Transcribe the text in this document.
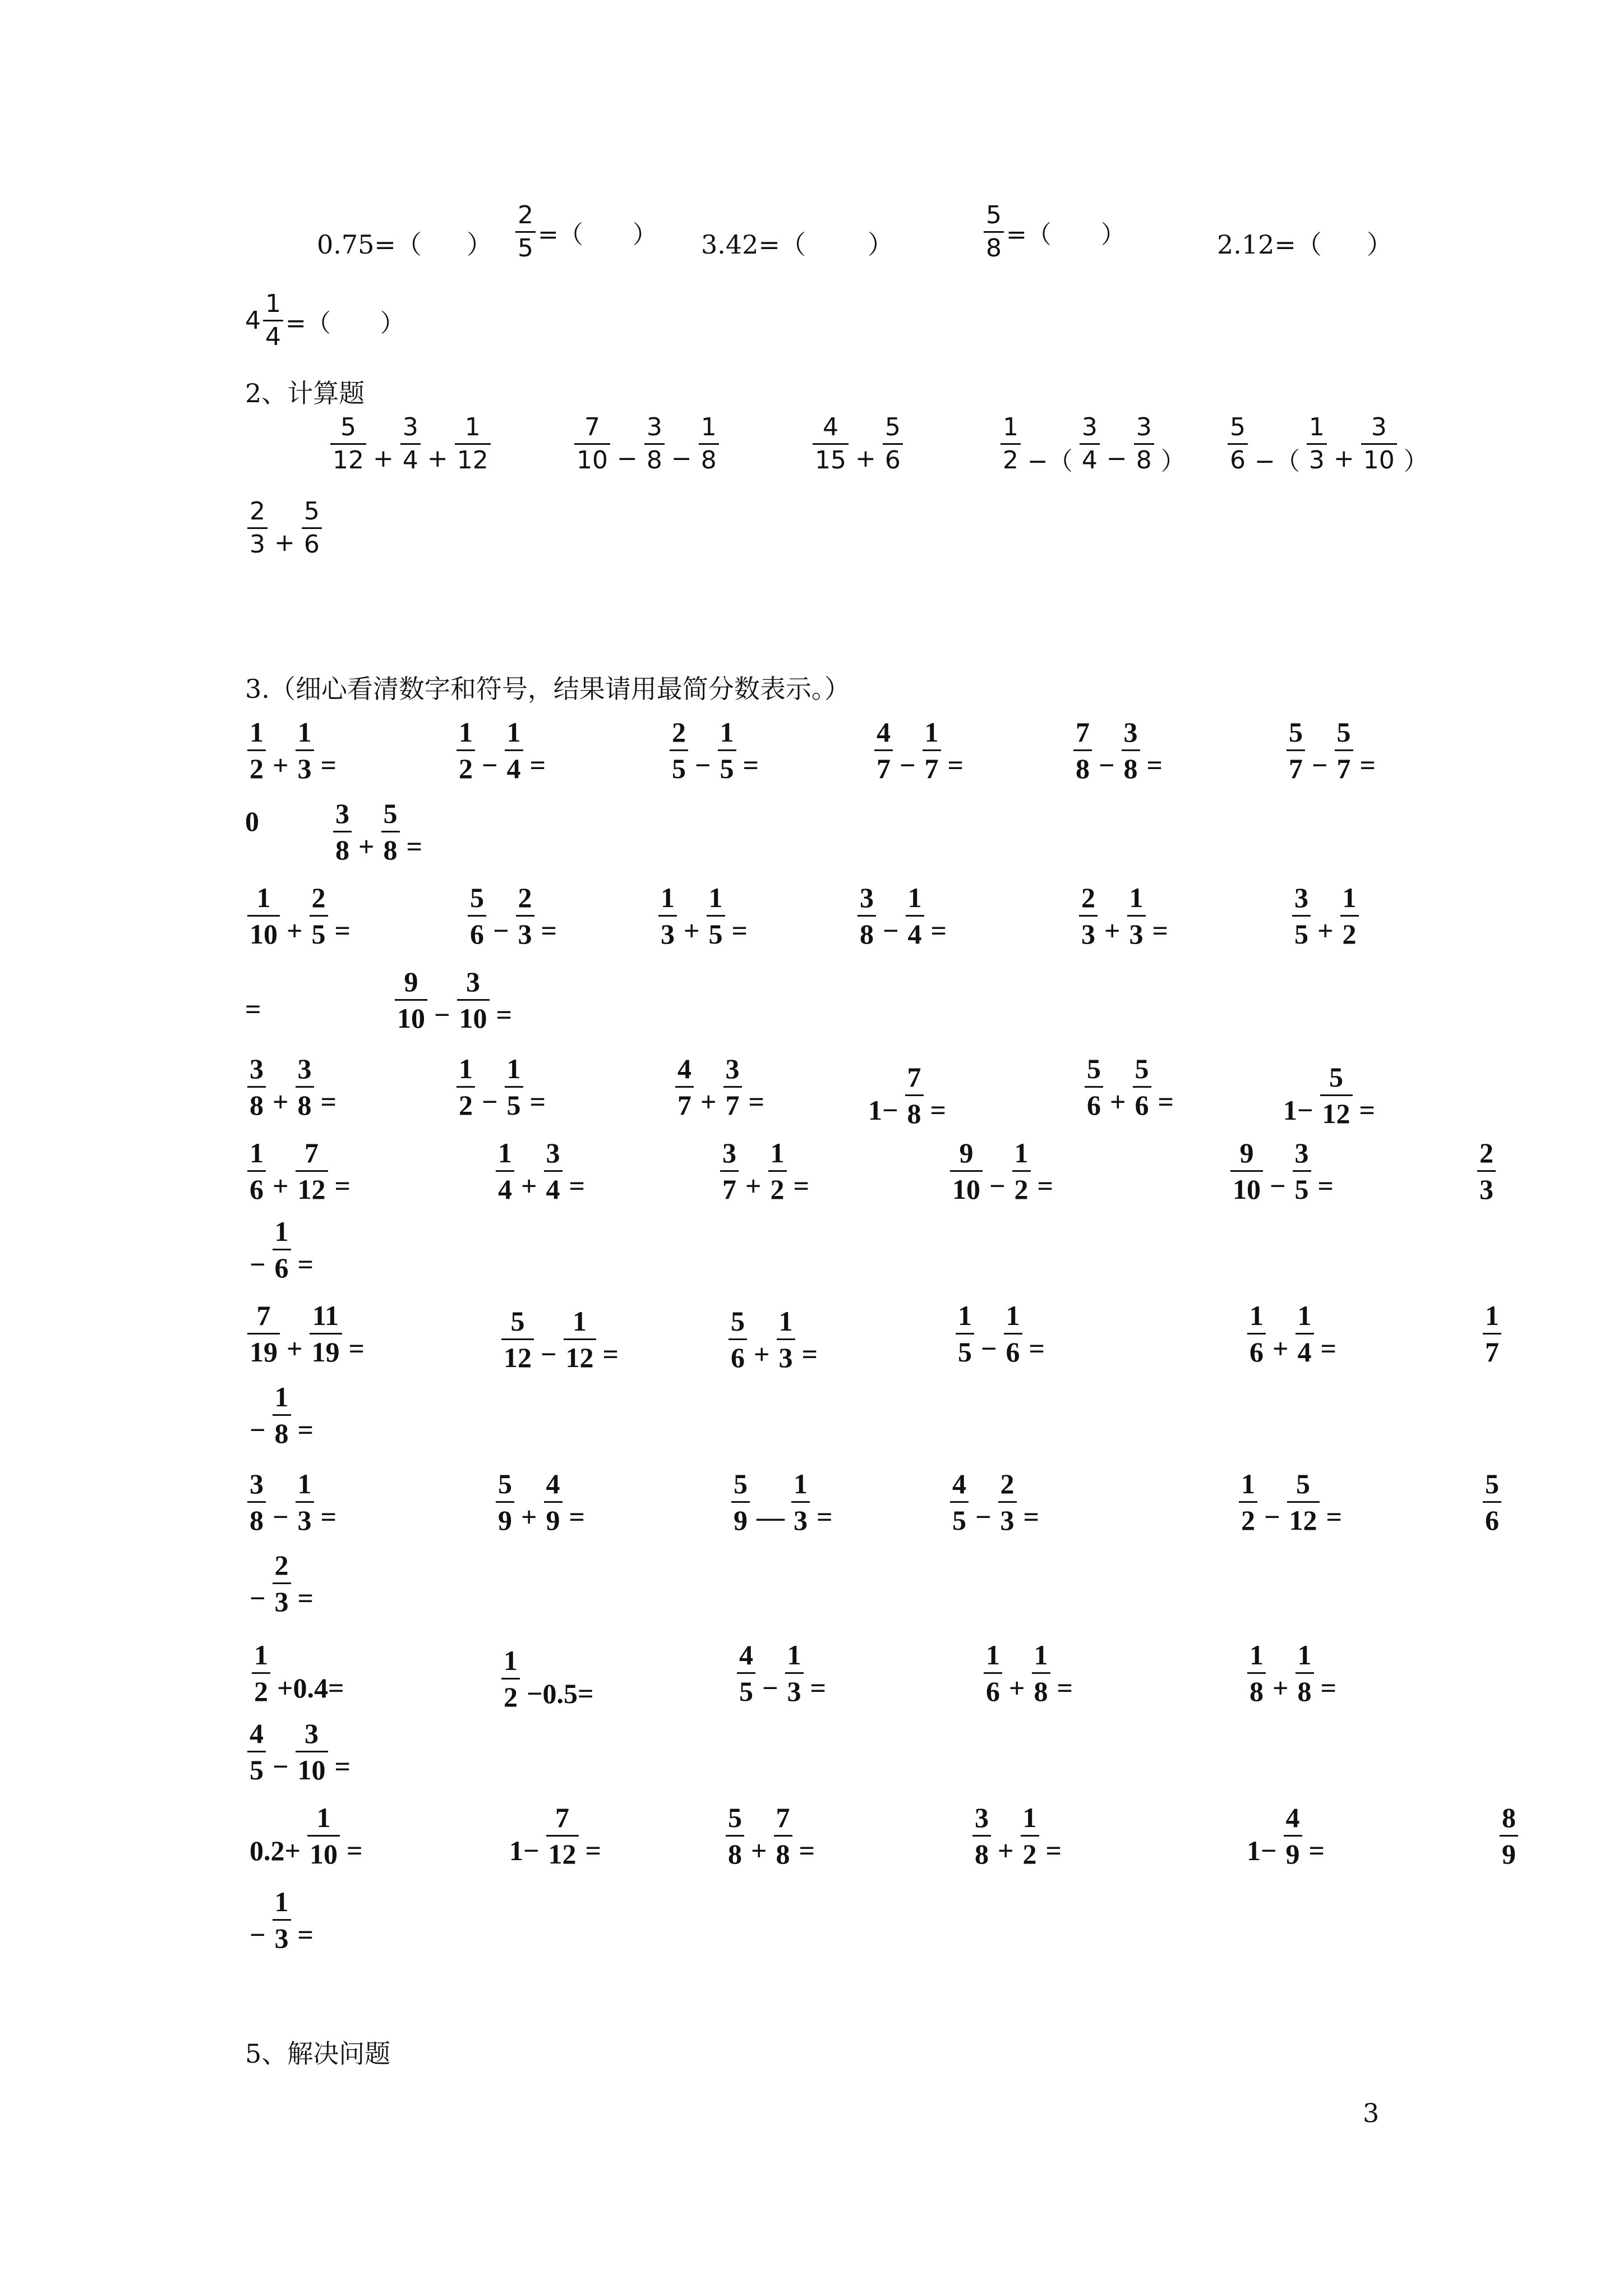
0.75=（ ） $\frac{2}{5}$ =（　　） 3.42=（ ）	$\frac{5}{8}$ =（　　）	2.12=（ ）
$4 \frac{1}{4}$ =（　　）
2、计算题
3.（细心看清数字和符号，结果请用最简分数表示。）
5、解决问题
3
$\frac{5}{12} + \frac{3}{4} + \frac{1}{12}$	$\frac{7}{10} - \frac{3}{8} - \frac{1}{8}$	$\frac{4}{15} + \frac{5}{6}$	$\frac{1}{2}$ −（ $\frac{3}{4} - \frac{3}{8}$ ） $\frac{5}{6}$ −（ $\frac{1}{3} + \frac{3}{10}$ ）
$\frac{2}{3} + \frac{5}{6}$
$\frac{1}{2} + \frac{1}{3}$ =	$\frac{1}{2} - \frac{1}{4}$ =	$\frac{2}{5} - \frac{1}{5}$ =	$\frac{4}{7} - \frac{1}{7}$ =	$\frac{7}{8} - \frac{3}{8}$ =	$\frac{5}{7} - \frac{5}{7}$ =
0	$\frac{3}{8} + \frac{5}{8}$ =
$\frac{1}{10} + \frac{2}{5}$ =	$\frac{5}{6} - \frac{2}{3}$ =	$\frac{1}{3} + \frac{1}{5}$ =	$\frac{3}{8} - \frac{1}{4}$ =	$\frac{2}{3} + \frac{1}{3}$ =	$\frac{3}{5} + \frac{1}{2}$
=	$\frac{9}{10} - \frac{3}{10}$ =
$\frac{3}{8} + \frac{3}{8}$ =	$\frac{1}{2} - \frac{1}{5}$ =	$\frac{4}{7} + \frac{3}{7}$ =	$1- \frac{7}{8}$ =	$\frac{5}{6} + \frac{5}{6}$ =	$1- \frac{5}{12}$ =
$\frac{1}{6} + \frac{7}{12}$ =	$\frac{1}{4} + \frac{3}{4}$ =	$\frac{3}{7} + \frac{1}{2}$ =	$\frac{9}{10} - \frac{1}{2}$ =	$\frac{9}{10} - \frac{3}{5}$ =	$\frac{2}{3}$
− $\frac{1}{6}$ =
$\frac{7}{19} + \frac{11}{19}$ =	$\frac{5}{12} - \frac{1}{12}$ =	$\frac{5}{6} + \frac{1}{3}$ =	$\frac{1}{5} - \frac{1}{6}$ =	$\frac{1}{6} + \frac{1}{4}$ =	$\frac{1}{7}$
− $\frac{1}{8}$ =
$\frac{3}{8} - \frac{1}{3}$ =	$\frac{5}{9} + \frac{4}{9}$ =	$\frac{5}{9}$ — $\frac{1}{3}$ =	$\frac{4}{5} - \frac{2}{3}$ =	$\frac{1}{2} - \frac{5}{12}$ =	$\frac{5}{6}$
− $\frac{2}{3}$ =
$\frac{1}{2} +0.4=$	$\frac{1}{2} -0.5=$	$\frac{4}{5} - \frac{1}{3}$ =	$\frac{1}{6} + \frac{1}{8}$ =	$\frac{1}{8} + \frac{1}{8}$ =
$\frac{4}{5} - \frac{3}{10}$ =
$0.2+ \frac{1}{10}$ =	$1- \frac{7}{12}$ =	$\frac{5}{8} + \frac{7}{8}$ =	$\frac{3}{8} + \frac{1}{2}$ =	$1- \frac{4}{9}$ =	$\frac{8}{9}$
− $\frac{1}{3}$ =
